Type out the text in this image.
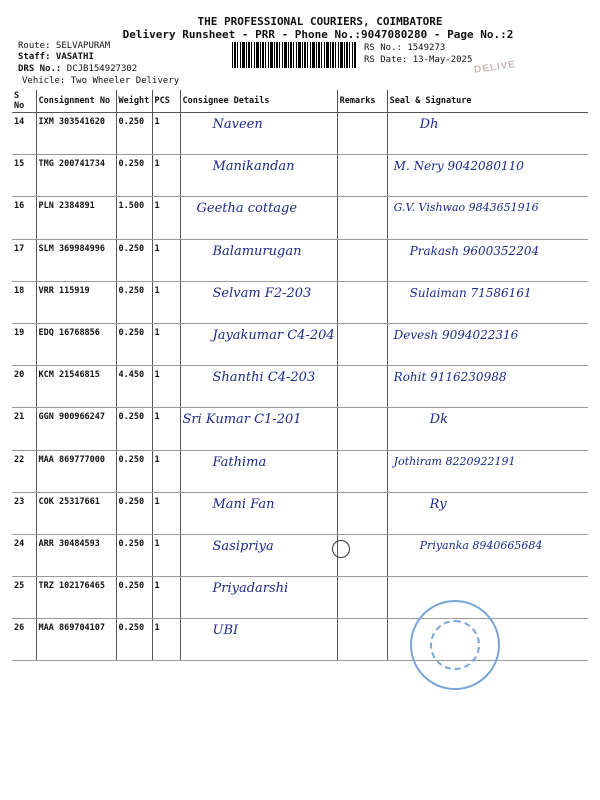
THE PROFESSIONAL COURIERS, COIMBATORE
Delivery Runsheet - PRR - Phone No.:9047080280 - Page No.:2
Route: SELVAPURAM
Staff: VASATHI
DRS No.: DCJB154927302
Vehicle: Two Wheeler Delivery
RS No.: 1549273
RS Date: 13-May-2025 DELIVE
S No	Consignment No	Weight	PCS	Consignee Details	Remarks	Seal & Signature
14	IXM 303541620	0.250	1	Naveen		Dh
15	TMG 200741734	0.250	1	Manikandan		M. Nery 9042080110
16	PLN 2384891	1.500	1	Geetha cottage		G.V. Vishwao 9843651916
17	SLM 369984996	0.250	1	Balamurugan		Prakash 9600352204
18	VRR 115919	0.250	1	Selvam F2-203		Sulaiman 71586161
19	EDQ 16768856	0.250	1	Jayakumar C4-204		Devesh 9094022316
20	KCM 21546815	4.450	1	Shanthi C4-203		Rohit 9116230988
21	GGN 900966247	0.250	1	Sri Kumar C1-201		Dk
22	MAA 869777000	0.250	1	Fathima		Jothiram 8220922191
23	COK 25317661	0.250	1	Mani Fan		Ry
24	ARR 30484593	0.250	1	Sasipriya		Priyanka 8940665684
25	TRZ 102176465	0.250	1	Priyadarshi		
26	MAA 869704107	0.250	1	UBI		
